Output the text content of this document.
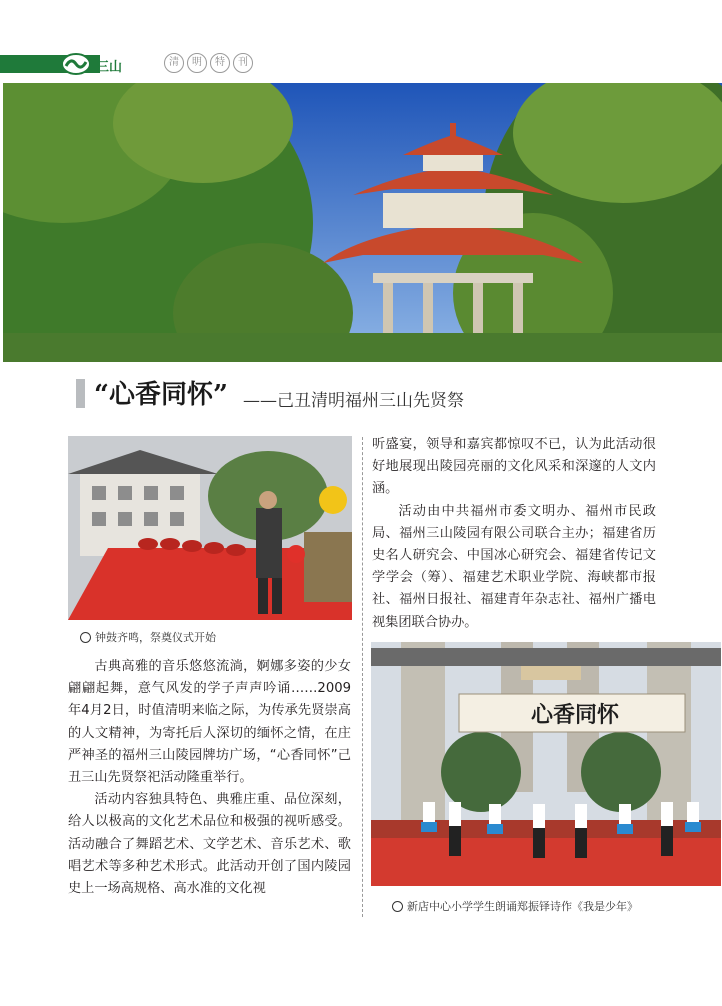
三山	清	明	特	刊
“心香同怀” ——己丑清明福州三山先贤祭
钟鼓齐鸣，祭奠仪式开始

古典高雅的音乐悠悠流淌，婀娜多姿的少女翩翩起舞，意气风发的学子声声吟诵……2009年4月2日，时值清明来临之际，为传承先贤崇高的人文精神，为寄托后人深切的缅怀之情，在庄严神圣的福州三山陵园牌坊广场，“心香同怀”己丑三山先贤祭祀活动隆重举行。

活动内容独具特色、典雅庄重、品位深刻，给人以极高的文化艺术品位和极强的视听感受。活动融合了舞蹈艺术、文学艺术、音乐艺术、歌唱艺术等多种艺术形式。此活动开创了国内陵园史上一场高规格、高水准的文化视

听盛宴，领导和嘉宾都惊叹不已，认为此活动很好地展现出陵园亮丽的文化风采和深邃的人文内涵。

活动由中共福州市委文明办、福州市民政局、福州三山陵园有限公司联合主办；福建省历史名人研究会、中国冰心研究会、福建省传记文学学会（筹）、福建艺术职业学院、海峡都市报社、福州日报社、福建青年杂志社、福州广播电视集团联合协办。

心香同怀
新店中心小学学生朗诵郑振铎诗作《我是少年》
